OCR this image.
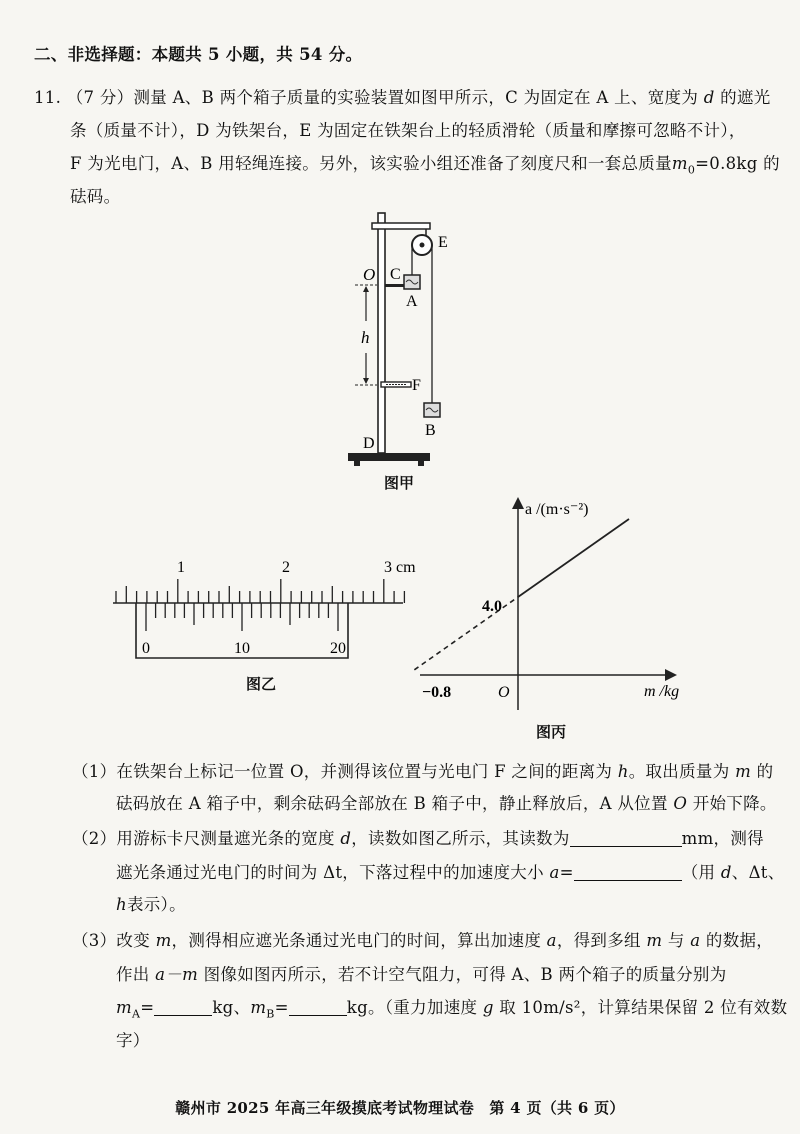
二、非选择题：本题共 5 小题，共 54 分。
11. （7 分）测量 A、B 两个箱子质量的实验装置如图甲所示，C 为固定在 A 上、宽度为 d 的遮光
条（质量不计），D 为铁架台，E 为固定在铁架台上的轻质滑轮（质量和摩擦可忽略不计），
F 为光电门，A、B 用轻绳连接。另外，该实验小组还准备了刻度尺和一套总质量$m_0=0.8kg$ 的
砝码。
O C
A
E
h
F
B
D
图甲
1	2	3 cm
0	10	20
图乙
a /(m·s⁻²)
m /kg
O
4.0
−0.8
图丙
（1）在铁架台上标记一位置 O，并测得该位置与光电门 F 之间的距离为 h。取出质量为 m 的
砝码放在 A 箱子中，剩余砝码全部放在 B 箱子中，静止释放后，A 从位置 O 开始下降。
（2）用游标卡尺测量遮光条的宽度 d，读数如图乙所示，其读数为	mm，测得
遮光条通过光电门的时间为 Δt，下落过程中的加速度大小 a=	（用 d、Δt、
h表示）。
（3）改变 m，测得相应遮光条通过光电门的时间，算出加速度 a，得到多组 m 与 a 的数据，
作出 a－m 图像如图丙所示，若不计空气阻力，可得 A、B 两个箱子的质量分别为
$m_A=$	kg、$m_B=$	kg。（重力加速度 g 取 10m/s²，计算结果保留 2 位有效数
字）
赣州市 2025 年高三年级摸底考试物理试卷　第 4 页（共 6 页）
